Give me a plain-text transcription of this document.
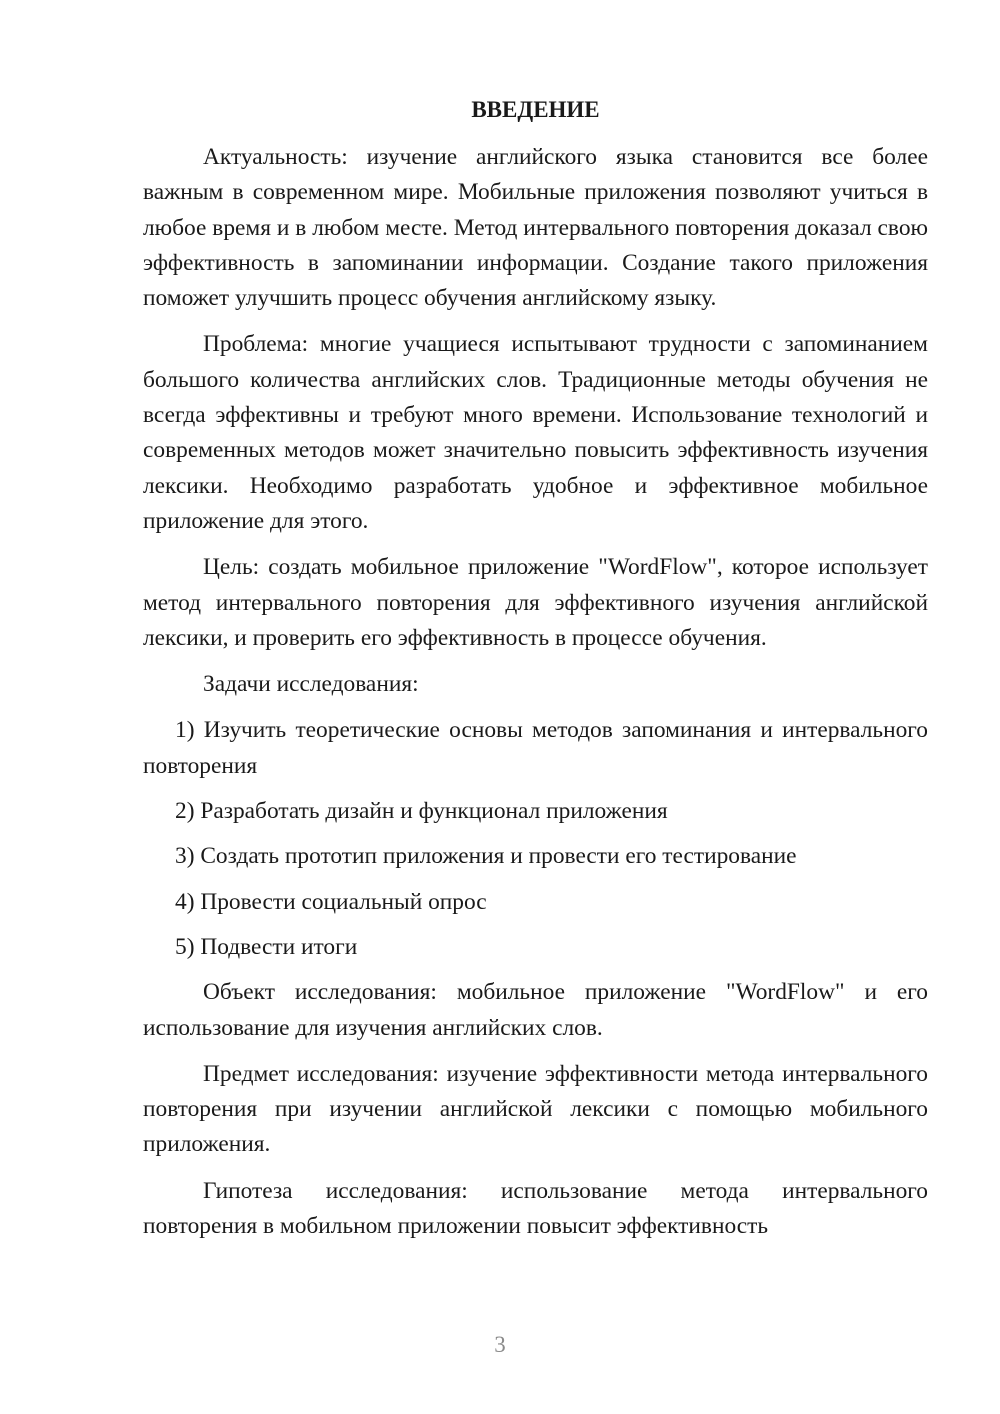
ВВЕДЕНИЕ

Актуальность: изучение английского языка становится все более важным в современном мире. Мобильные приложения позволяют учиться в любое время и в любом месте. Метод интервального повторения доказал свою эффективность в запоминании информации. Создание такого приложения поможет улучшить процесс обучения английскому языку.

Проблема: многие учащиеся испытывают трудности с запоминанием большого количества английских слов. Традиционные методы обучения не всегда эффективны и требуют много времени. Использование технологий и современных методов может значительно повысить эффективность изучения лексики. Необходимо разработать удобное и эффективное мобильное приложение для этого.

Цель: создать мобильное приложение "WordFlow", которое использует метод интервального повторения для эффективного изучения английской лексики, и проверить его эффективность в процессе обучения.

Задачи исследования:

1) Изучить теоретические основы методов запоминания и интервального повторения

2) Разработать дизайн и функционал приложения

3) Создать прототип приложения и провести его тестирование

4) Провести социальный опрос

5) Подвести итоги

Объект исследования: мобильное приложение "WordFlow" и его использование для изучения английских слов.

Предмет исследования: изучение эффективности метода интервального повторения при изучении английской лексики с помощью мобильного приложения.

Гипотеза исследования: использование метода интервального повторения в мобильном приложении повысит эффективность

3
